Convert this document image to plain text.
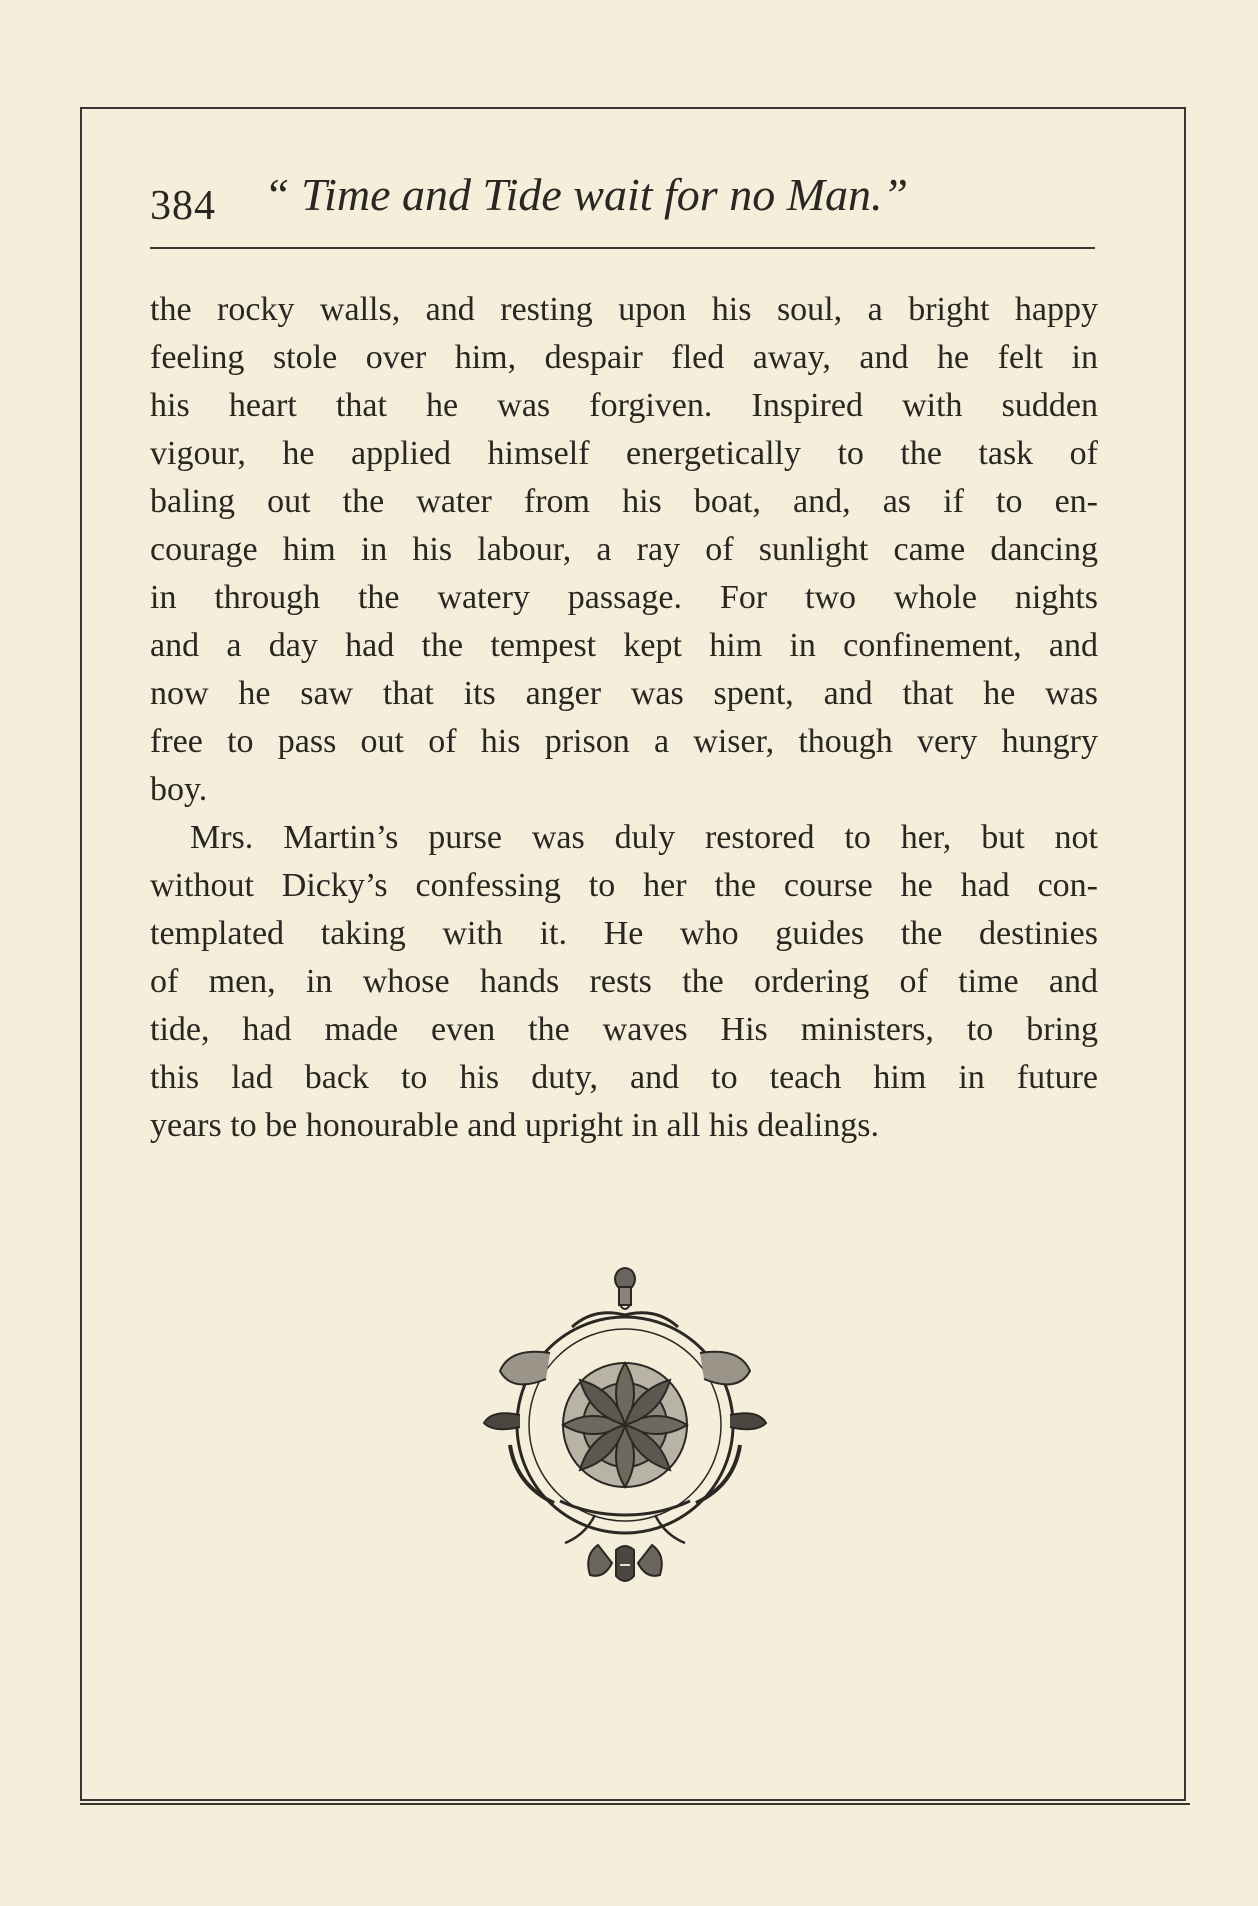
384 “ Time and Tide wait for no Man.”
the rocky walls, and resting upon his soul, a bright happy
feeling stole over him, despair fled away, and he felt in
his heart that he was forgiven. Inspired with sudden
vigour, he applied himself energetically to the task of
baling out the water from his boat, and, as if to en-
courage him in his labour, a ray of sunlight came dancing
in through the watery passage. For two whole nights
and a day had the tempest kept him in confinement, and
now he saw that its anger was spent, and that he was
free to pass out of his prison a wiser, though very hungry
boy.
Mrs. Martin’s purse was duly restored to her, but not
without Dicky’s confessing to her the course he had con-
templated taking with it. He who guides the destinies
of men, in whose hands rests the ordering of time and
tide, had made even the waves His ministers, to bring
this lad back to his duty, and to teach him in future
years to be honourable and upright in all his dealings.
